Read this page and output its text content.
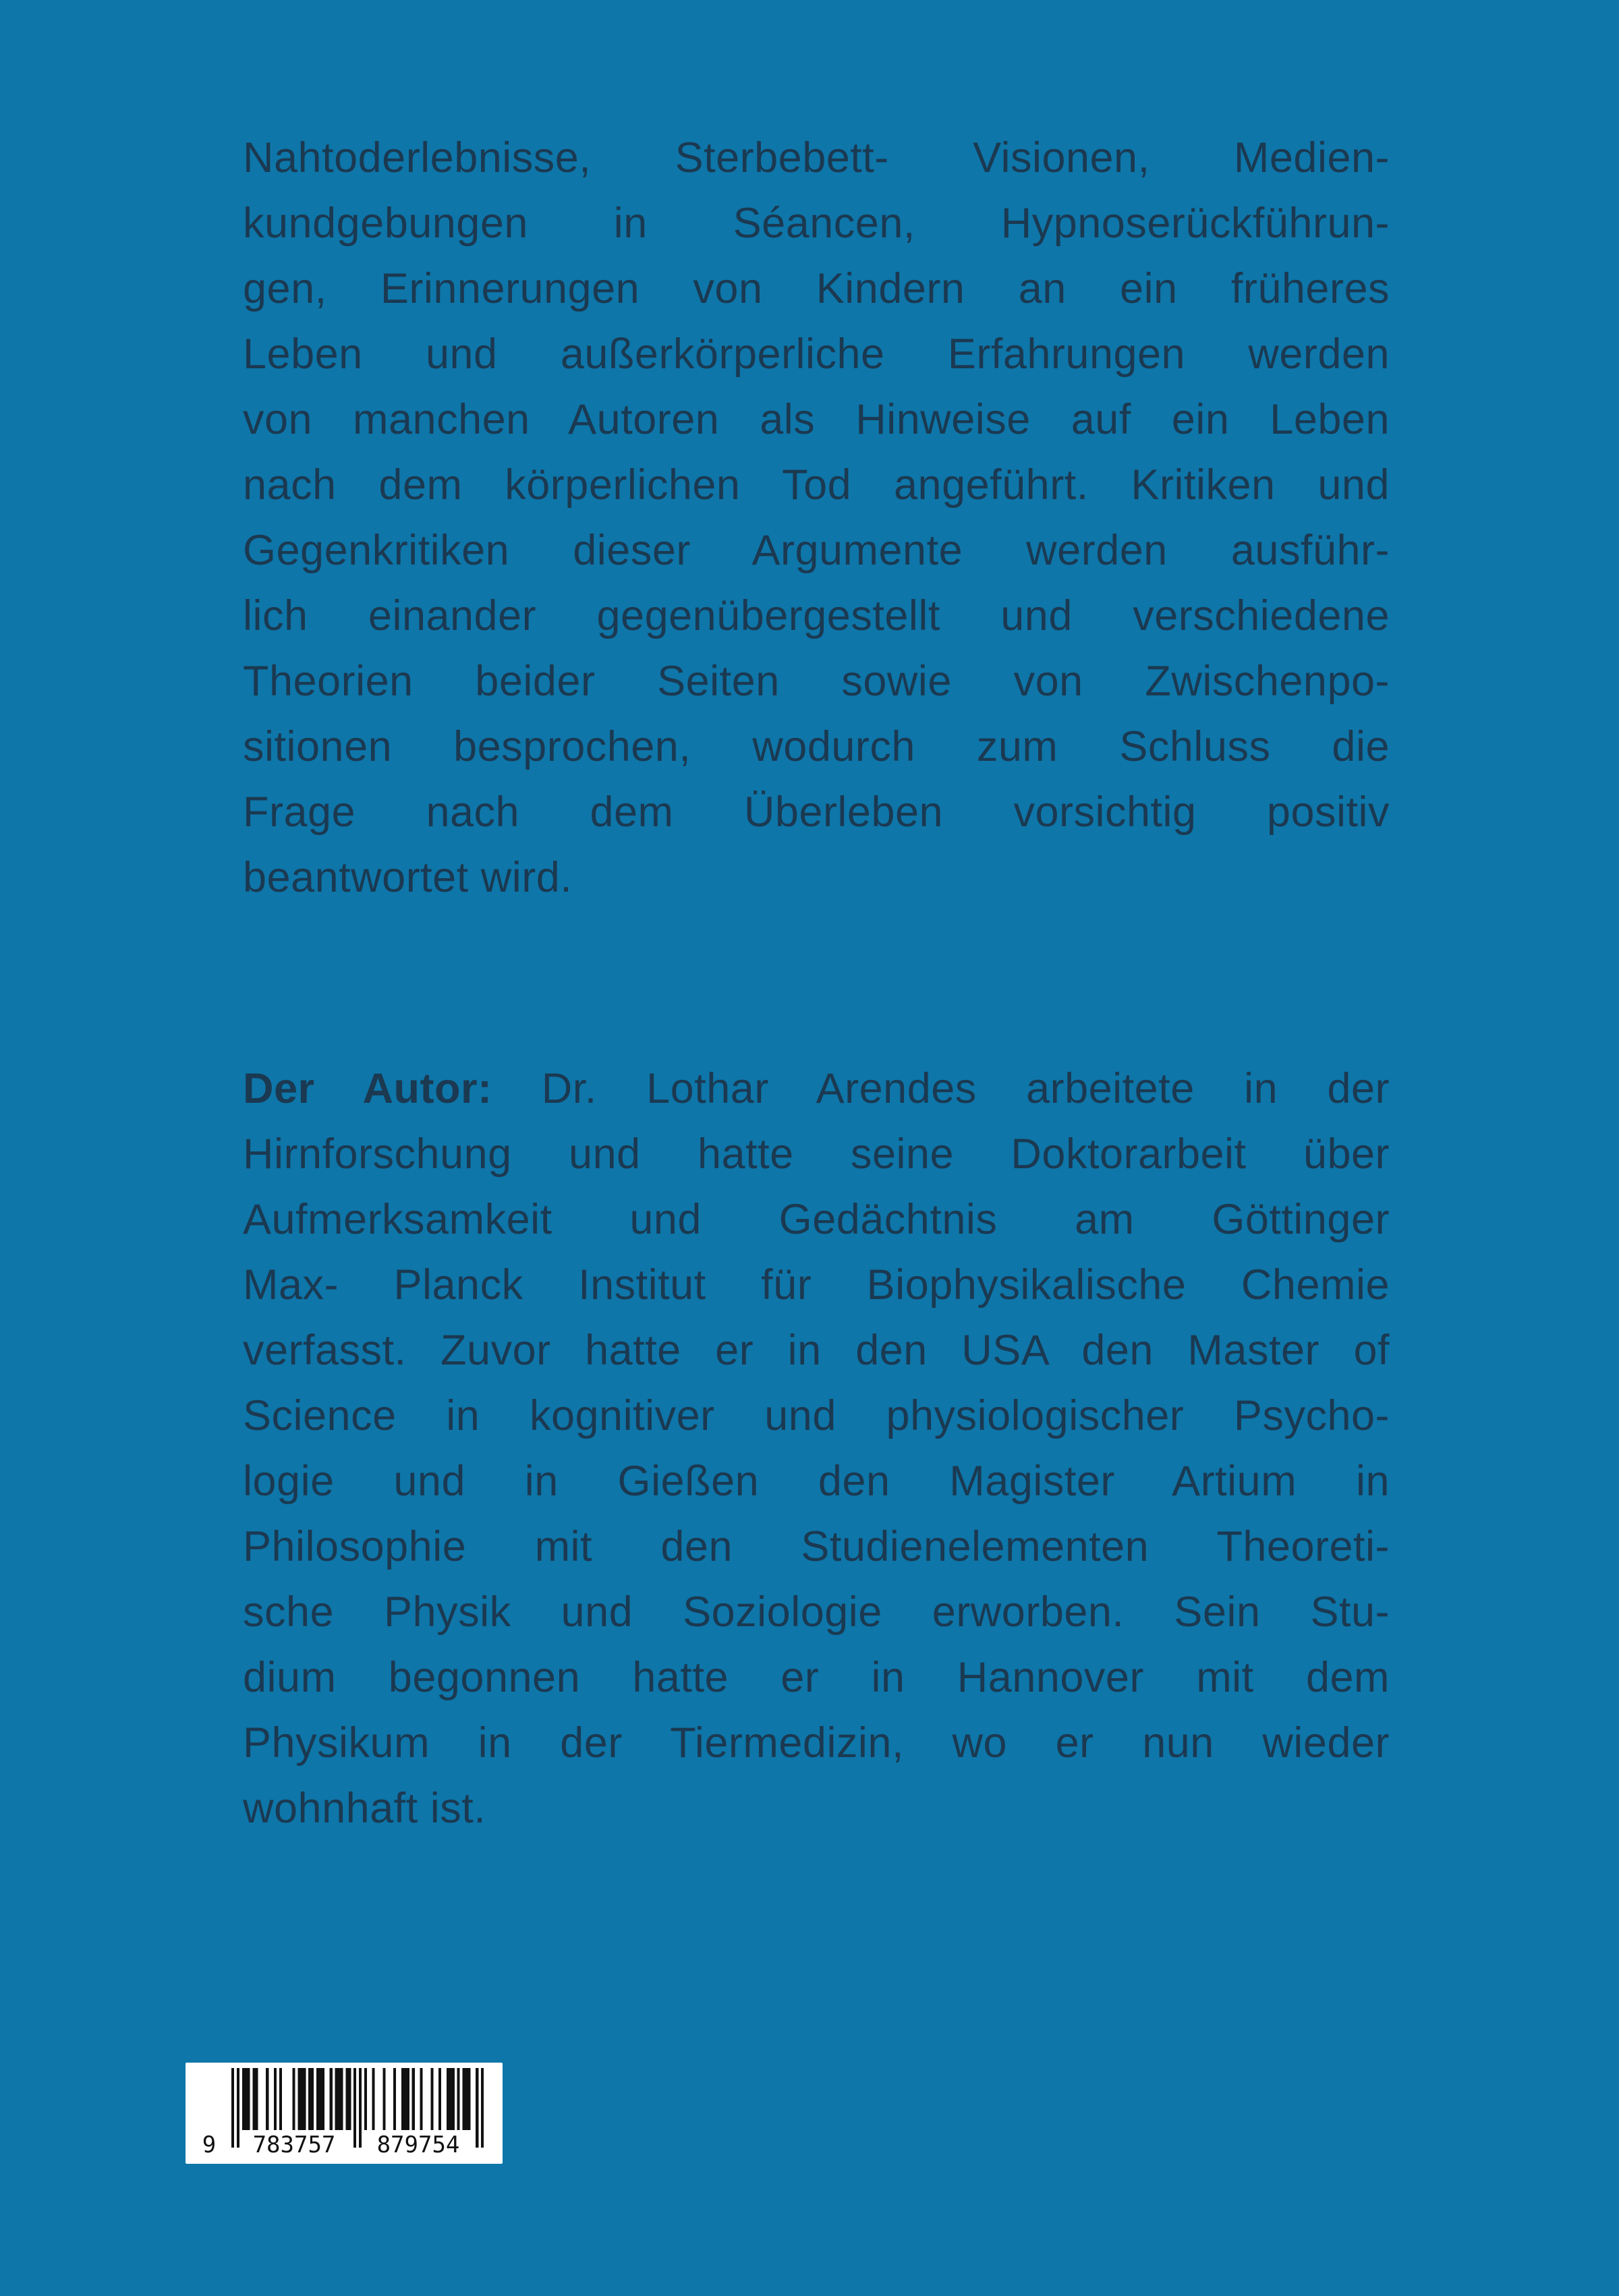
Nahtoderlebnisse, Sterbebett- Visionen, Medien-
kundgebungen in Séancen, Hypnoserückführun-
gen, Erinnerungen von Kindern an ein früheres
Leben und außerkörperliche Erfahrungen werden
von manchen Autoren als Hinweise auf ein Leben
nach dem körperlichen Tod angeführt. Kritiken und
Gegenkritiken dieser Argumente werden ausführ-
lich einander gegenübergestellt und verschiedene
Theorien beider Seiten sowie von Zwischenpo-
sitionen besprochen, wodurch zum Schluss die
Frage nach dem Überleben vorsichtig positiv
beantwortet wird.
Der Autor: Dr. Lothar Arendes arbeitete in der
Hirnforschung und hatte seine Doktorarbeit über
Aufmerksamkeit und Gedächtnis am Göttinger
Max- Planck Institut für Biophysikalische Chemie
verfasst. Zuvor hatte er in den USA den Master of
Science in kognitiver und physiologischer Psycho-
logie und in Gießen den Magister Artium in
Philosophie mit den Studienelementen Theoreti-
sche Physik und Soziologie erworben. Sein Stu-
dium begonnen hatte er in Hannover mit dem
Physikum in der Tiermedizin, wo er nun wieder
wohnhaft ist.
9	783757	879754
